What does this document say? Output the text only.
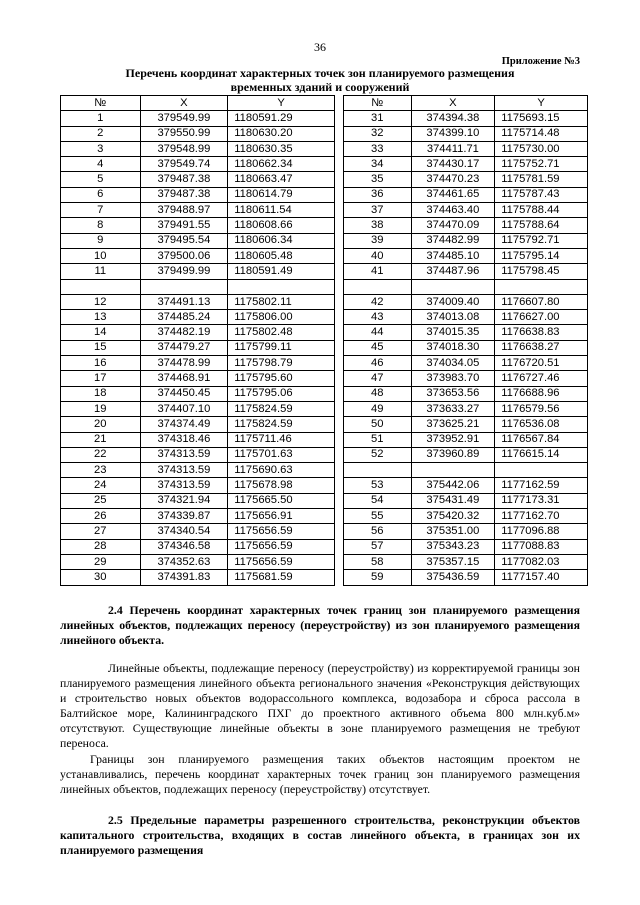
36
Приложение №3
Перечень координат характерных точек зон планируемого размещения временных зданий и сооружений
№	X	Y
1	379549.99	1180591.29
2	379550.99	1180630.20
3	379548.99	1180630.35
4	379549.74	1180662.34
5	379487.38	1180663.47
6	379487.38	1180614.79
7	379488.97	1180611.54
8	379491.55	1180608.66
9	379495.54	1180606.34
10	379500.06	1180605.48
11	379499.99	1180591.49

12	374491.13	1175802.11
13	374485.24	1175806.00
14	374482.19	1175802.48
15	374479.27	1175799.11
16	374478.99	1175798.79
17	374468.91	1175795.60
18	374450.45	1175795.06
19	374407.10	1175824.59
20	374374.49	1175824.59
21	374318.46	1175711.46
22	374313.59	1175701.63
23	374313.59	1175690.63
24	374313.59	1175678.98
25	374321.94	1175665.50
26	374339.87	1175656.91
27	374340.54	1175656.59
28	374346.58	1175656.59
29	374352.63	1175656.59
30	374391.83	1175681.59
№	X	Y
31	374394.38	1175693.15
32	374399.10	1175714.48
33	374411.71	1175730.00
34	374430.17	1175752.71
35	374470.23	1175781.59
36	374461.65	1175787.43
37	374463.40	1175788.44
38	374470.09	1175788.64
39	374482.99	1175792.71
40	374485.10	1175795.14
41	374487.96	1175798.45

42	374009.40	1176607.80
43	374013.08	1176627.00
44	374015.35	1176638.83
45	374018.30	1176638.27
46	374034.05	1176720.51
47	373983.70	1176727.46
48	373653.56	1176688.96
49	373633.27	1176579.56
50	373625.21	1176536.08
51	373952.91	1176567.84
52	373960.89	1176615.14

53	375442.06	1177162.59
54	375431.49	1177173.31
55	375420.32	1177162.70
56	375351.00	1177096.88
57	375343.23	1177088.83
58	375357.15	1177082.03
59	375436.59	1177157.40
2.4 Перечень координат характерных точек границ зон планируемого размещения линейных объектов, подлежащих переносу (переустройству) из зон планируемого размещения линейного объекта.
Линейные объекты, подлежащие переносу (переустройству) из корректируемой границы зон планируемого размещения линейного объекта регионального значения «Реконструкция действующих и строительство новых объектов водорассольного комплекса, водозабора и сброса рассола в Балтийское море, Калининградского ПХГ до проектного активного объема 800 млн.куб.м» отсутствуют. Существующие линейные объекты в зоне планируемого размещения не требуют переноса.
Границы зон планируемого размещения таких объектов настоящим проектом не устанавливались, перечень координат характерных точек границ зон планируемого размещения линейных объектов, подлежащих переносу (переустройству) отсутствует.
2.5 Предельные параметры разрешенного строительства, реконструкции объектов капитального строительства, входящих в состав линейного объекта, в границах зон их планируемого размещения
